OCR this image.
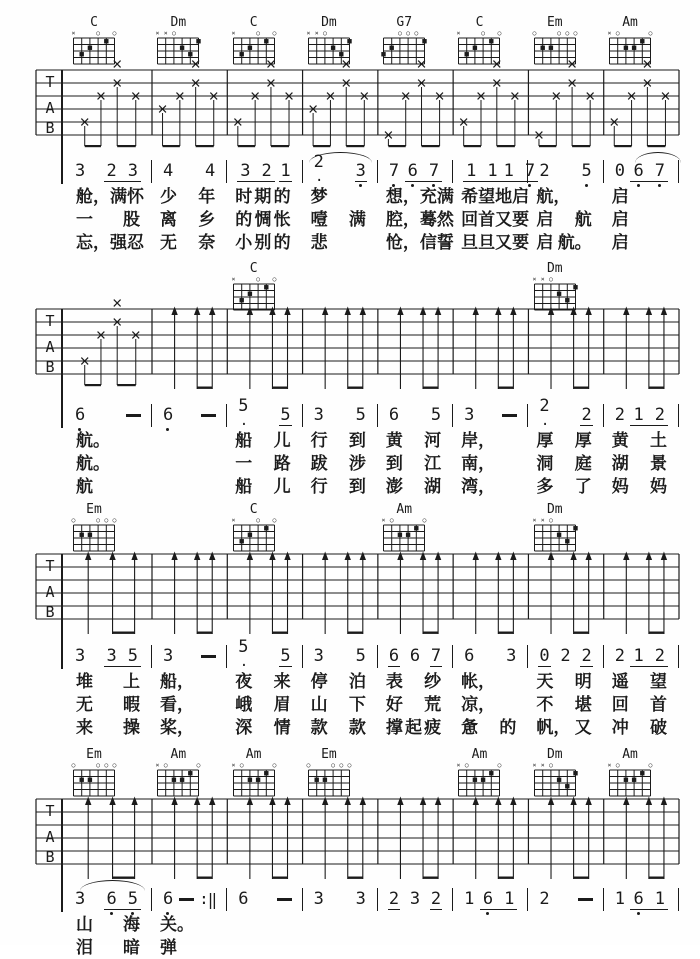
C
×	○ ○
Dm
× × ○
C
×	○ ○
Dm
× × ○
G7
○ ○ ○
C
×	○ ○
Em
○	○ ○ ○
Am
× ○	○
T
A
B
3 2 3 4 4 3 2 1 2
· 3 7 6 7 1 1 1 7 2 5 0 6 7
舱， 满 怀 少 年 时 期 的 梦	想， 充 满 希 望 地 启 航， 启
一 股 离 乡 的 惆 怅 噎 满 腔， 蓦 然 回 首 又 要 启 航 启
忘， 强 忍 无 奈 小 别 的 悲	怆， 信 誓 旦 旦 又 要 启 航。 启
C
×	○ ○
Dm
× × ○
T
A
B
6	6	5
· 5 3 5 6 5 3	2
· 2 2 1 2
航。	船 儿 行 到 黄 河 岸， 厚 厚 黄 土
航。	一 路 跋 涉 到 江 南， 洞 庭 湖 景
航	船 儿 行 到 澎 湖 湾， 多 了 妈 妈
Em
○	○ ○ ○
C
×	○ ○
Am
× ○	○
Dm
× × ○
T
A
B
3 3 5 3	5
· 5 3 5 6 6 7 6 3 0 2 2 2 1 2
堆 上 船， 夜 来 停 泊 表 纱 帐， 天 明 遥 望
无 暇 看， 峨 眉 山 下 好 荒 凉， 不 堪 回 首
来 操 桨， 深 情 款 款 撑 起 疲 惫 的 帆， 又 冲 破
Em
○	○ ○ ○
Am
× ○	○
Am
× ○	○
Em
○	○ ○ ○
Am
× ○	○
Dm
× × ○
Am
× ○	○
T
A
B
3 6 5 6 ∶‖ 6	3 3 2 3 2 1 6 1 2	1 6 1
山 海 关。
泪 暗 弹
